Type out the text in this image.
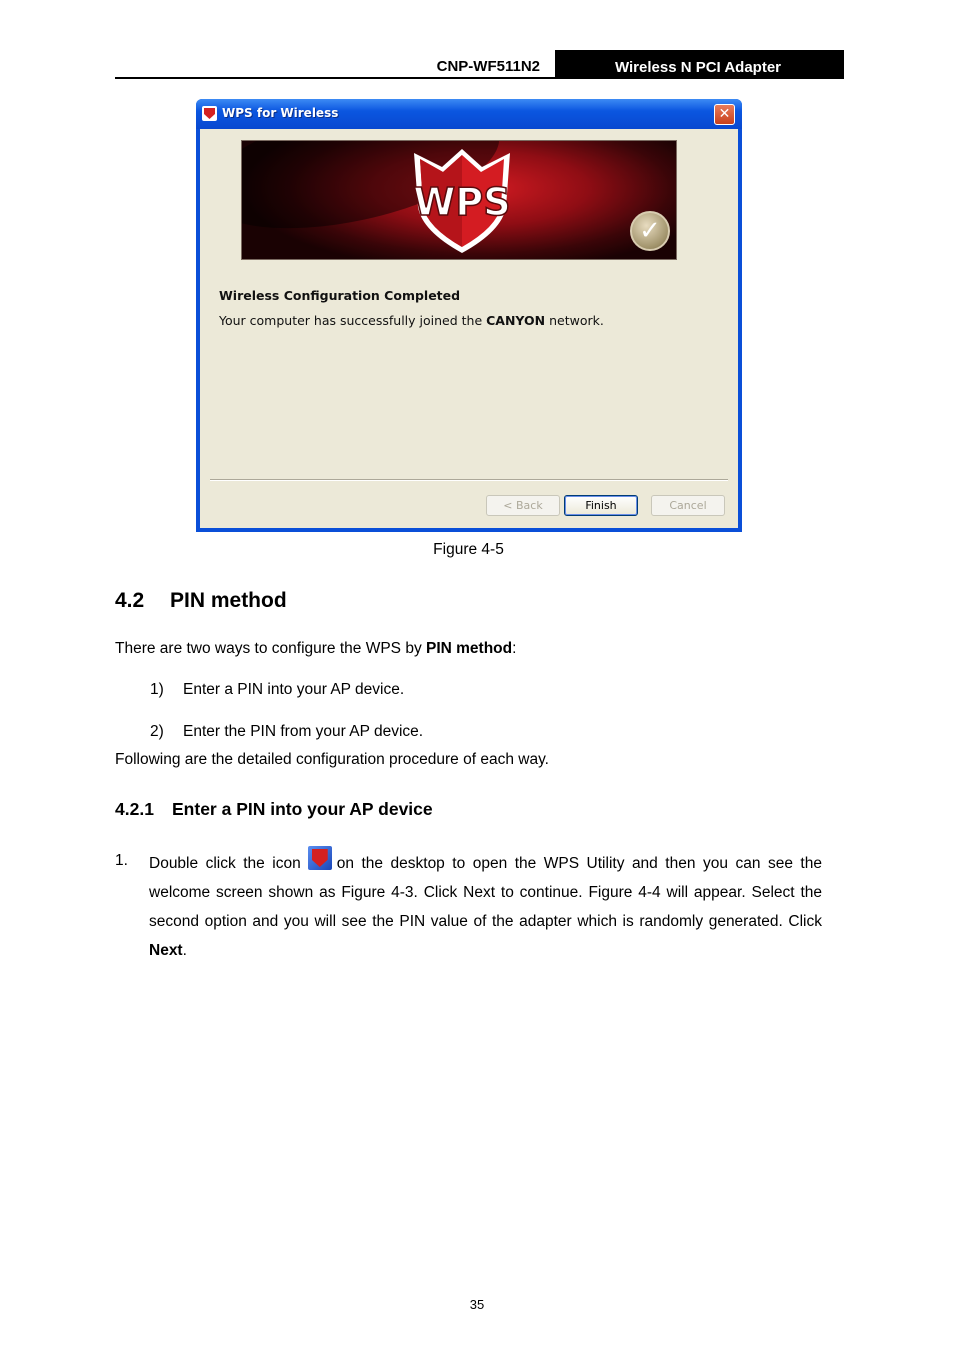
CNP-WF511N2	Wireless N PCI Adapter
WPS for Wireless	✕
WPS
✓
Wireless Configuration Completed
Your computer has successfully joined the CANYON network.
< Back	Finish	Cancel
Figure 4-5
4.2 PIN method
There are two ways to configure the WPS by PIN method:
1) Enter a PIN into your AP device.
2) Enter the PIN from your AP device.
Following are the detailed configuration procedure of each way.
4.2.1 Enter a PIN into your AP device
1. Double click the icon on the desktop to open the WPS Utility and then you can see the welcome screen shown as Figure 4-3. Click Next to continue. Figure 4-4 will appear. Select the second option and you will see the PIN value of the adapter which is randomly generated. Click Next.
35
